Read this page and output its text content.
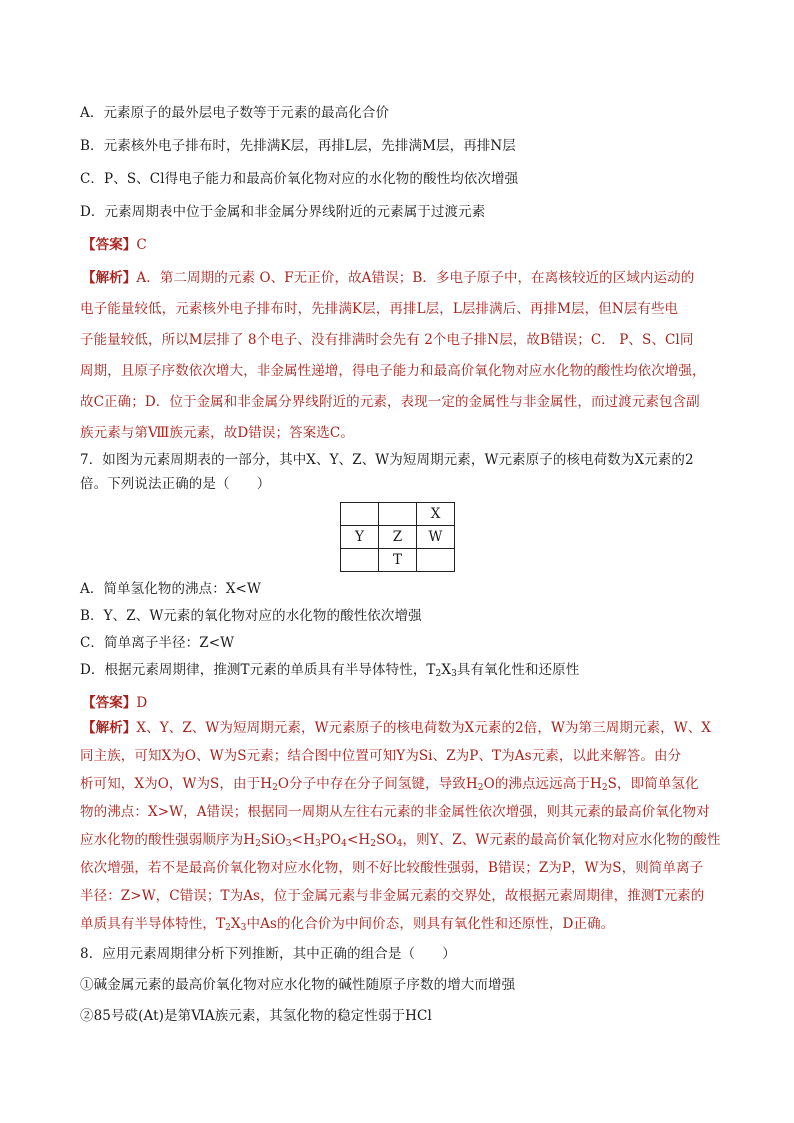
A．元素原子的最外层电子数等于元素的最高化合价
B．元素核外电子排布时，先排满K层，再排L层，先排满M层，再排N层
C．P、S、Cl得电子能力和最高价氧化物对应的水化物的酸性均依次增强
D．元素周期表中位于金属和非金属分界线附近的元素属于过渡元素
【答案】C
【解析】A．第二周期的元素 O、F无正价，故A错误；B．多电子原子中，在离核较近的区域内运动的
电子能量较低，元素核外电子排布时，先排满K层，再排L层，L层排满后、再排M层，但N层有些电
子能量较低，所以M层排了 8个电子、没有排满时会先有 2个电子排N层，故B错误；C． P、S、Cl同
周期，且原子序数依次增大，非金属性递增，得电子能力和最高价氧化物对应水化物的酸性均依次增强，
故C正确；D．位于金属和非金属分界线附近的元素，表现一定的金属性与非金属性，而过渡元素包含副
族元素与第Ⅷ族元素，故D错误；答案选C。
7．如图为元素周期表的一部分，其中X、Y、Z、W为短周期元素，W元素原子的核电荷数为X元素的2
倍。下列说法正确的是（　　）
		X
Y	Z	W
	T	
A．简单氢化物的沸点：X<W
B．Y、Z、W元素的氧化物对应的水化物的酸性依次增强
C．简单离子半径：Z<W
D．根据元素周期律，推测T元素的单质具有半导体特性，$T_2X_3$具有氧化性和还原性
【答案】D
【解析】X、Y、Z、W为短周期元素，W元素原子的核电荷数为X元素的2倍，W为第三周期元素，W、X
同主族，可知X为O、W为S元素；结合图中位置可知Y为Si、Z为P、T为As元素，以此来解答。由分
析可知，X为O，W为S，由于$H_2O$分子中存在分子间氢键，导致$H_2O$的沸点远远高于$H_2S$，即简单氢化
物的沸点：X>W，A错误；根据同一周期从左往右元素的非金属性依次增强，则其元素的最高价氧化物对
应水化物的酸性强弱顺序为$H_2SiO_3<H_3PO_4<H_2SO_4$，则Y、Z、W元素的最高价氧化物对应水化物的酸性
依次增强，若不是最高价氧化物对应水化物，则不好比较酸性强弱，B错误；Z为P，W为S，则简单离子
半径：Z>W，C错误；T为As，位于金属元素与非金属元素的交界处，故根据元素周期律，推测T元素的
单质具有半导体特性，$T_2X_3$中As的化合价为中间价态，则具有氧化性和还原性，D正确。
8．应用元素周期律分析下列推断，其中正确的组合是（　　）
①碱金属元素的最高价氧化物对应水化物的碱性随原子序数的增大而增强
②85号砹(At)是第ⅥA族元素，其氢化物的稳定性弱于HCl
